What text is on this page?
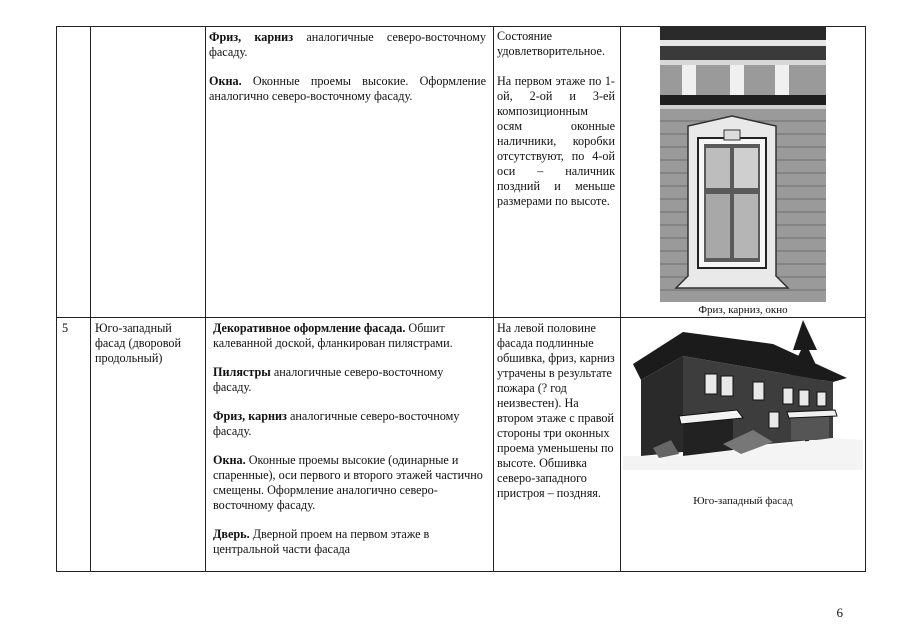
Фриз, карниз аналогичные северо-восточному фасаду.

Окна. Оконные проемы высокие. Оформление аналогично северо-восточному фасаду.

Состояние удовлетворительное.

На первом этаже по 1-ой, 2-ой и 3-ей композиционным осям оконные наличники, коробки отсутствуют, по 4-ой оси – наличник поздний и меньше размерами по высоте.

Фриз, карниз, окно
5	Юго-западный фасад (дворовой продольный)

Декоративное оформление фасада. Обшит калеванной доской, фланкирован пилястрами.

Пилястры аналогичные северо-восточному фасаду.

Фриз, карниз аналогичные северо-восточному фасаду.

Окна. Оконные проемы высокие (одинарные и спаренные), оси первого и второго этажей частично смещены. Оформление аналогично северо-восточному фасаду.

Дверь. Дверной проем на первом этаже в центральной части фасада

На левой половине фасада подлинные обшивка, фриз, карниз утрачены в результате пожара (? год неизвестен). На втором этаже с правой стороны три оконных проема уменьшены по высоте. Обшивка северо-западного пристроя – поздняя.
Юго-западный фасад
6
